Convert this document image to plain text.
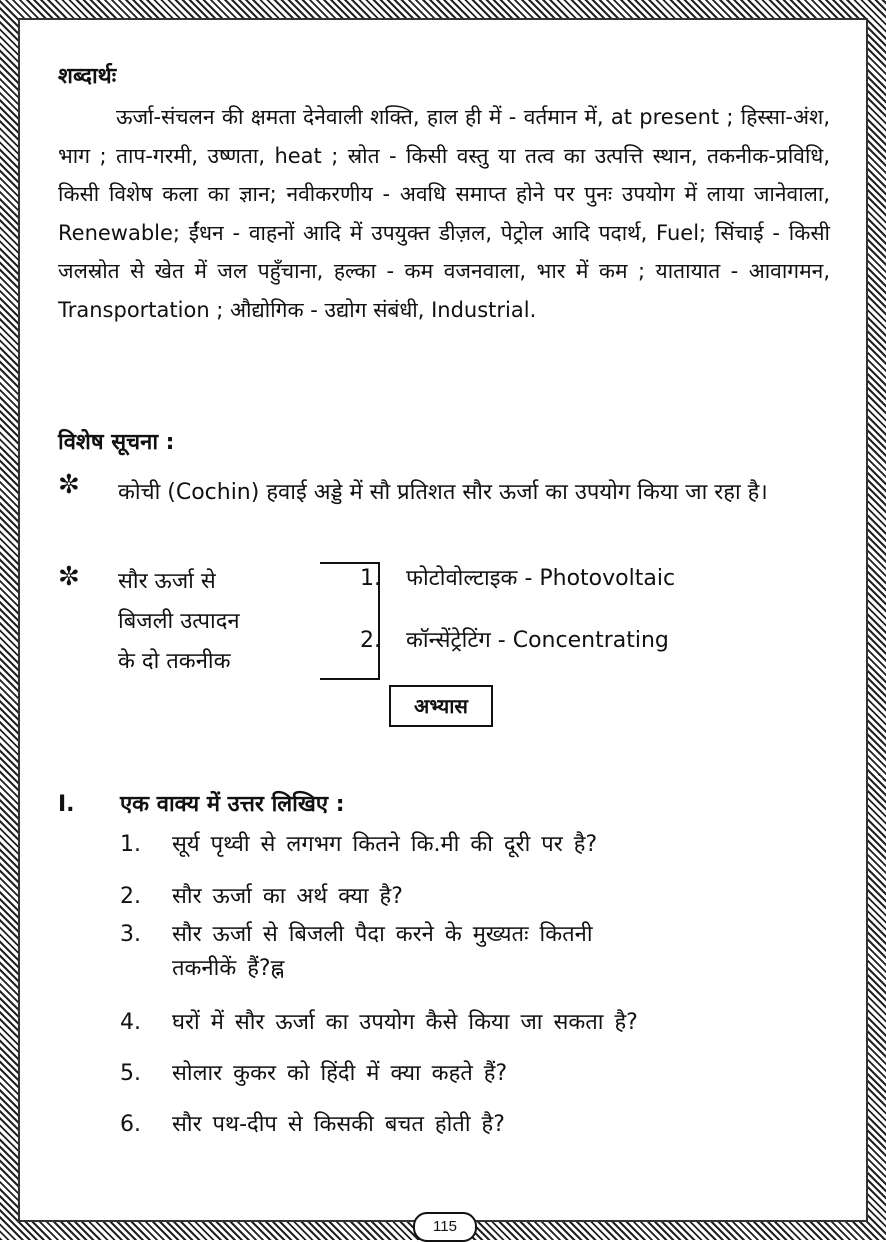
शब्दार्थः

ऊर्जा-संचलन की क्षमता देनेवाली शक्ति, हाल ही में - वर्तमान में, at present ; हिस्सा-अंश, भाग ; ताप-गरमी, उष्णता, heat ; स्रोत - किसी वस्तु या तत्व का उत्पत्ति स्थान, तकनीक-प्रविधि, किसी विशेष कला का ज्ञान; नवीकरणीय - अवधि समाप्त होने पर पुनः उपयोग में लाया जानेवाला, Renewable; ईंधन - वाहनों आदि में उपयुक्त डीज़ल, पेट्रोल आदि पदार्थ, Fuel; सिंचाई - किसी जलस्रोत से खेत में जल पहुँचाना, हल्का - कम वजनवाला, भार में कम ; यातायात - आवागमन, Transportation ; औद्योगिक - उद्योग संबंधी, Industrial.

विशेष सूचना :
✼ कोची (Cochin) हवाई अड्डे में सौ प्रतिशत सौर ऊर्जा का उपयोग किया जा रहा है।
✼ सौर ऊर्जा से
बिजली उत्पादन
के दो तकनीक
1. फोटोवोल्टाइक - Photovoltaic
2. कॉन्सेंट्रेटिंग - Concentrating
अभ्यास
I. एक वाक्य में उत्तर लिखिए :
1. सूर्य पृथ्वी से लगभग कितने कि.मी की दूरी पर है?
2. सौर ऊर्जा का अर्थ क्या है?
3. सौर ऊर्जा से बिजली पैदा करने के मुख्यतः कितनी
तकनीकें हैं?ह्न
4. घरों में सौर ऊर्जा का उपयोग कैसे किया जा सकता है?
5. सोलार कुकर को हिंदी में क्या कहते हैं?
6. सौर पथ-दीप से किसकी बचत होती है?
115
